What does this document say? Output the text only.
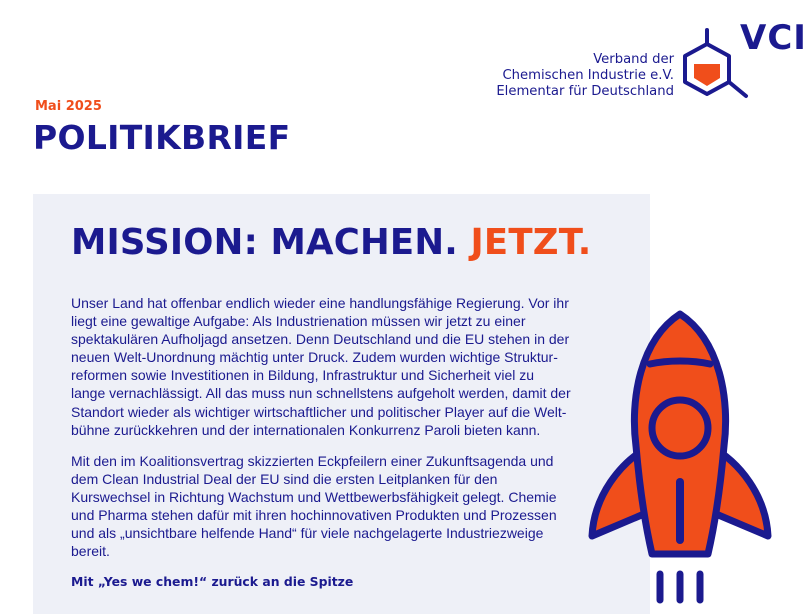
Verband der
Chemischen Industrie e.V.
Elementar für Deutschland
VCI
Mai 2025
POLITIKBRIEF
MISSION: MACHEN. JETZT.

Unser Land hat offenbar endlich wieder eine handlungsfähige Regierung. Vor ihr liegt eine gewaltige Aufgabe: Als Industrienation müssen wir jetzt zu einer spektakulären Aufholjagd ansetzen. Denn Deutschland und die EU stehen in der neuen Welt-Unordnung mächtig unter Druck. Zudem wurden wichtige Struktur-reformen sowie Investitionen in Bildung, Infrastruktur und Sicherheit viel zu lange vernachlässigt. All das muss nun schnellstens aufgeholt werden, damit der Standort wieder als wichtiger wirtschaftlicher und politischer Player auf die Welt-bühne zurückkehren und der internationalen Konkurrenz Paroli bieten kann.

Mit den im Koalitionsvertrag skizzierten Eckpfeilern einer Zukunftsagenda und dem Clean Industrial Deal der EU sind die ersten Leitplanken für den Kurswechsel in Richtung Wachstum und Wettbewerbsfähigkeit gelegt. Chemie und Pharma stehen dafür mit ihren hochinnovativen Produkten und Prozessen und als „unsichtbare helfende Hand“ für viele nachgelagerte Industriezweige bereit.

Mit „Yes we chem!“ zurück an die Spitze
